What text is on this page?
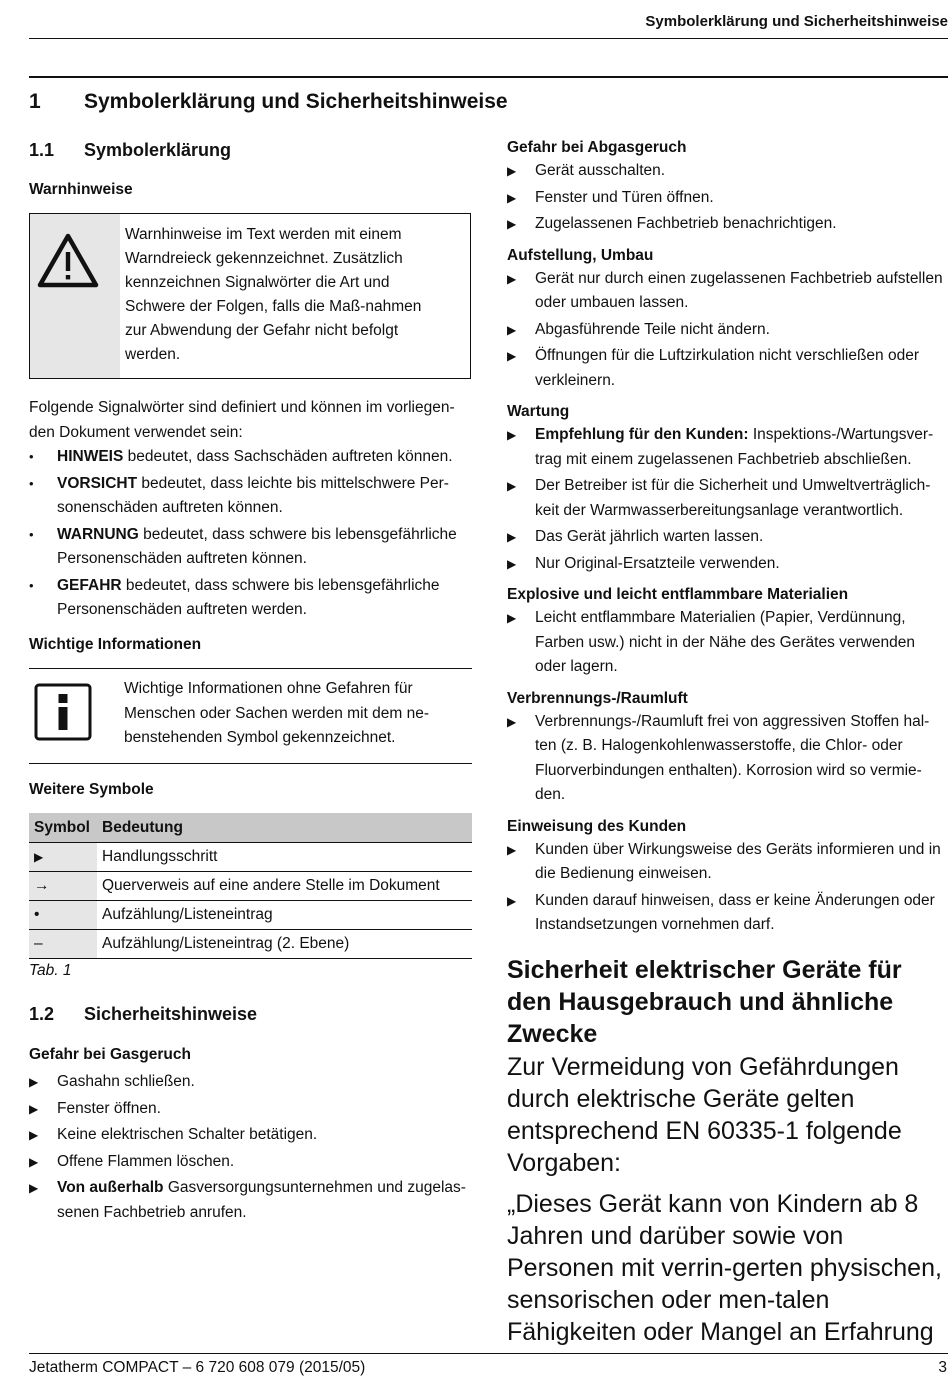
Symbolerklärung und Sicherheitshinweise
1 Symbolerklärung und Sicherheitshinweise
1.1 Symbolerklärung
Warnhinweise
Warnhinweise im Text werden mit einem Warndreieck gekennzeichnet. Zusätzlich kennzeichnen Signalwörter die Art und Schwere der Folgen, falls die Maß-nahmen zur Abwendung der Gefahr nicht befolgt werden.
Folgende Signalwörter sind definiert und können im vorliegen-den Dokument verwendet sein:
• HINWEIS bedeutet, dass Sachschäden auftreten können.
• VORSICHT bedeutet, dass leichte bis mittelschwere Per-sonenschäden auftreten können.
• WARNUNG bedeutet, dass schwere bis lebensgefährliche Personenschäden auftreten können.
• GEFAHR bedeutet, dass schwere bis lebensgefährliche Personenschäden auftreten werden.
Wichtige Informationen
Wichtige Informationen ohne Gefahren für Menschen oder Sachen werden mit dem ne-benstehenden Symbol gekennzeichnet.
Weitere Symbole
Symbol	Bedeutung
▶	Handlungsschritt
→	Querverweis auf eine andere Stelle im Dokument
•	Aufzählung/Listeneintrag
–	Aufzählung/Listeneintrag (2. Ebene)
Tab. 1
1.2 Sicherheitshinweise
Gefahr bei Gasgeruch
▶ Gashahn schließen.
▶ Fenster öffnen.
▶ Keine elektrischen Schalter betätigen.
▶ Offene Flammen löschen.
▶ Von außerhalb Gasversorgungsunternehmen und zugelas-senen Fachbetrieb anrufen.
Gefahr bei Abgasgeruch
▶ Gerät ausschalten.
▶ Fenster und Türen öffnen.
▶ Zugelassenen Fachbetrieb benachrichtigen.
Aufstellung, Umbau
▶ Gerät nur durch einen zugelassenen Fachbetrieb aufstellen oder umbauen lassen.
▶ Abgasführende Teile nicht ändern.
▶ Öffnungen für die Luftzirkulation nicht verschließen oder verkleinern.
Wartung
▶ Empfehlung für den Kunden: Inspektions-/Wartungsver-trag mit einem zugelassenen Fachbetrieb abschließen.
▶ Der Betreiber ist für die Sicherheit und Umweltverträglich-keit der Warmwasserbereitungsanlage verantwortlich.
▶ Das Gerät jährlich warten lassen.
▶ Nur Original-Ersatzteile verwenden.
Explosive und leicht entflammbare Materialien
▶ Leicht entflammbare Materialien (Papier, Verdünnung, Farben usw.) nicht in der Nähe des Gerätes verwenden oder lagern.
Verbrennungs-/Raumluft
▶ Verbrennungs-/Raumluft frei von aggressiven Stoffen hal-ten (z. B. Halogenkohlenwasserstoffe, die Chlor- oder Fluorverbindungen enthalten). Korrosion wird so vermie-den.
Einweisung des Kunden
▶ Kunden über Wirkungsweise des Geräts informieren und in die Bedienung einweisen.
▶ Kunden darauf hinweisen, dass er keine Änderungen oder Instandsetzungen vornehmen darf.
Sicherheit elektrischer Geräte für den Hausgebrauch und ähnliche Zwecke
Zur Vermeidung von Gefährdungen durch elektrische Geräte gelten entsprechend EN 60335-1 folgende Vorgaben:
„Dieses Gerät kann von Kindern ab 8 Jahren und darüber sowie von Personen mit verrin-gerten physischen, sensorischen oder men-talen Fähigkeiten oder Mangel an Erfahrung
Jetatherm COMPACT – 6 720 608 079 (2015/05)	3
